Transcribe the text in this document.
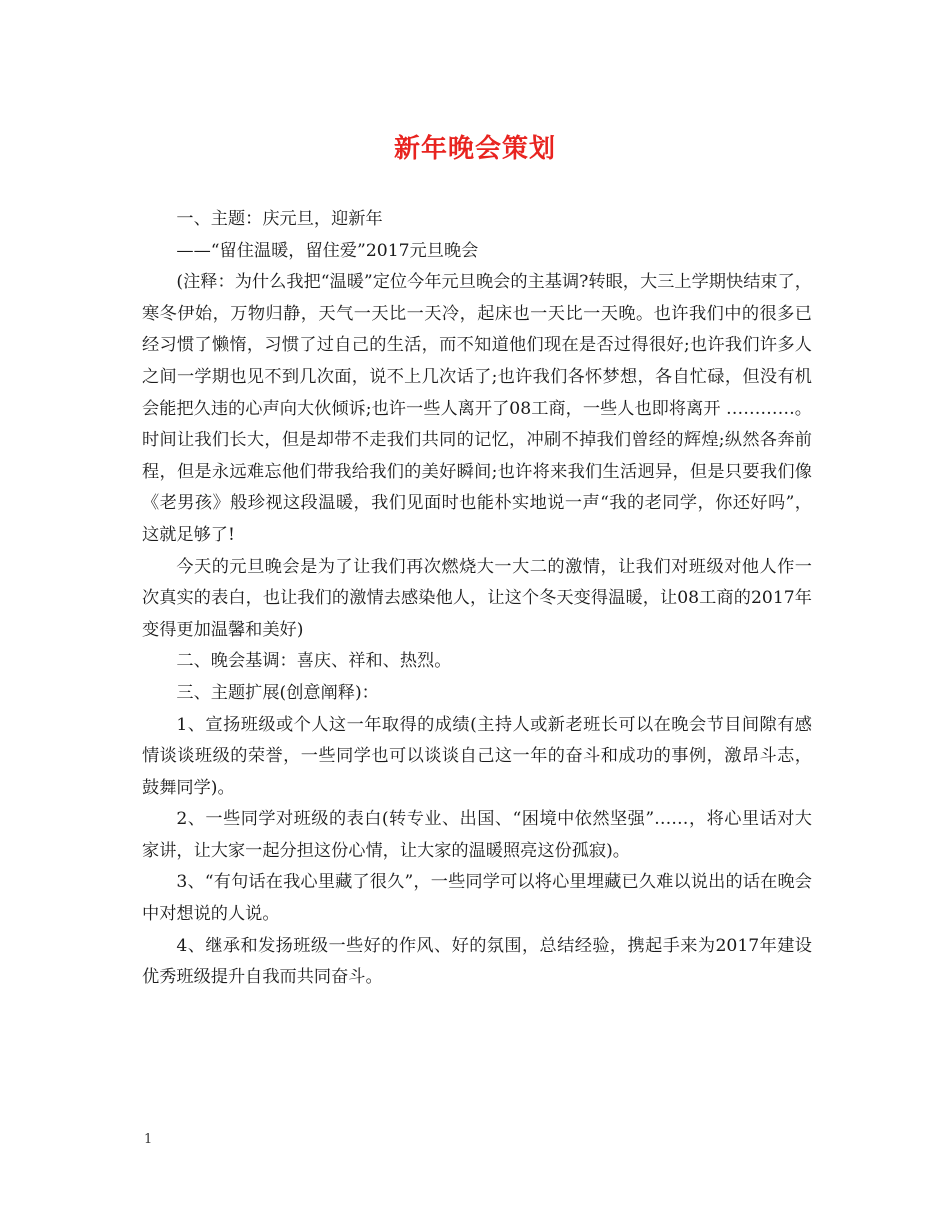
新年晚会策划

一、主题：庆元旦，迎新年

——“留住温暖，留住爱”2017元旦晚会

(注释：为什么我把“温暖”定位今年元旦晚会的主基调?转眼，大三上学期快结束了，寒冬伊始，万物归静，天气一天比一天冷，起床也一天比一天晚。也许我们中的很多已经习惯了懒惰，习惯了过自己的生活，而不知道他们现在是否过得很好;也许我们许多人之间一学期也见不到几次面，说不上几次话了;也许我们各怀梦想，各自忙碌，但没有机会能把久违的心声向大伙倾诉;也许一些人离开了08工商，一些人也即将离开 …………。时间让我们长大，但是却带不走我们共同的记忆，冲刷不掉我们曾经的辉煌;纵然各奔前程，但是永远难忘他们带我给我们的美好瞬间;也许将来我们生活迥异，但是只要我们像《老男孩》般珍视这段温暖，我们见面时也能朴实地说一声“我的老同学，你还好吗”，这就足够了!

今天的元旦晚会是为了让我们再次燃烧大一大二的激情，让我们对班级对他人作一次真实的表白，也让我们的激情去感染他人，让这个冬天变得温暖，让08工商的2017年变得更加温馨和美好)

二、晚会基调：喜庆、祥和、热烈。

三、主题扩展(创意阐释)：

1、宣扬班级或个人这一年取得的成绩(主持人或新老班长可以在晚会节目间隙有感情谈谈班级的荣誉，一些同学也可以谈谈自己这一年的奋斗和成功的事例，激昂斗志，鼓舞同学)。

2、一些同学对班级的表白(转专业、出国、“困境中依然坚强”……，将心里话对大家讲，让大家一起分担这份心情，让大家的温暖照亮这份孤寂)。

3、“有句话在我心里藏了很久”，一些同学可以将心里埋藏已久难以说出的话在晚会中对想说的人说。

4、继承和发扬班级一些好的作风、好的氛围，总结经验，携起手来为2017年建设优秀班级提升自我而共同奋斗。

1
